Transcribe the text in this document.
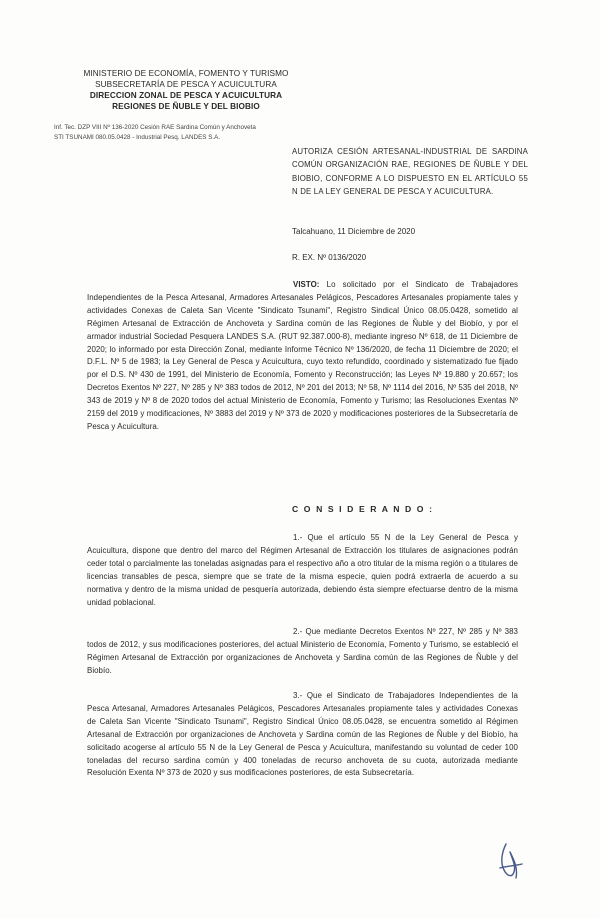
MINISTERIO DE ECONOMÍA, FOMENTO Y TURISMO
SUBSECRETARÍA DE PESCA Y ACUICULTURA
DIRECCION ZONAL DE PESCA Y ACUICULTURA
REGIONES DE ÑUBLE Y DEL BIOBIO
Inf. Tec. DZP VIII Nº 136-2020 Cesión RAE Sardina Común y Anchoveta
STI TSUNAMI 080.05.0428 - Industrial Pesq. LANDES S.A.
AUTORIZA CESIÓN ARTESANAL-INDUSTRIAL DE SARDINA COMÚN ORGANIZACIÓN RAE, REGIONES DE ÑUBLE Y DEL BIOBIO, CONFORME A LO DISPUESTO EN EL ARTÍCULO 55 N DE LA LEY GENERAL DE PESCA Y ACUICULTURA.
Talcahuano, 11 Diciembre de 2020
R. EX. Nº 0136/2020
VISTO: Lo solicitado por el Sindicato de Trabajadores Independientes de la Pesca Artesanal, Armadores Artesanales Pelágicos, Pescadores Artesanales propiamente tales y actividades Conexas de Caleta San Vicente "Sindicato Tsunami", Registro Sindical Único 08.05.0428, sometido al Régimen Artesanal de Extracción de Anchoveta y Sardina común de las Regiones de Ñuble y del Biobío, y por el armador industrial Sociedad Pesquera LANDES S.A. (RUT 92.387.000-8), mediante ingreso Nº 618, de 11 Diciembre de 2020; lo informado por esta Dirección Zonal, mediante Informe Técnico Nº 136/2020, de fecha 11 Diciembre de 2020; el D.F.L. Nº 5 de 1983; la Ley General de Pesca y Acuicultura, cuyo texto refundido, coordinado y sistematizado fue fijado por el D.S. Nº 430 de 1991, del Ministerio de Economía, Fomento y Reconstrucción; las Leyes Nº 19.880 y 20.657; los Decretos Exentos Nº 227, Nº 285 y Nº 383 todos de 2012, Nº 201 del 2013; Nº 58, Nº 1114 del 2016, Nº 535 del 2018, Nº 343 de 2019 y Nº 8 de 2020 todos del actual Ministerio de Economía, Fomento y Turismo; las Resoluciones Exentas Nº 2159 del 2019 y modificaciones, Nº 3883 del 2019 y Nº 373 de 2020 y modificaciones posteriores de la Subsecretaría de Pesca y Acuicultura.
C O N S I D E R A N D O :
1.- Que el artículo 55 N de la Ley General de Pesca y Acuicultura, dispone que dentro del marco del Régimen Artesanal de Extracción los titulares de asignaciones podrán ceder total o parcialmente las toneladas asignadas para el respectivo año a otro titular de la misma región o a titulares de licencias transables de pesca, siempre que se trate de la misma especie, quien podrá extraerla de acuerdo a su normativa y dentro de la misma unidad de pesquería autorizada, debiendo ésta siempre efectuarse dentro de la misma unidad poblacional.
2.- Que mediante Decretos Exentos Nº 227, Nº 285 y Nº 383 todos de 2012, y sus modificaciones posteriores, del actual Ministerio de Economía, Fomento y Turismo, se estableció el Régimen Artesanal de Extracción por organizaciones de Anchoveta y Sardina común de las Regiones de Ñuble y del Biobío.
3.- Que el Sindicato de Trabajadores Independientes de la Pesca Artesanal, Armadores Artesanales Pelágicos, Pescadores Artesanales propiamente tales y actividades Conexas de Caleta San Vicente "Sindicato Tsunami", Registro Sindical Único 08.05.0428, se encuentra sometido al Régimen Artesanal de Extracción por organizaciones de Anchoveta y Sardina común de las Regiones de Ñuble y del Biobío, ha solicitado acogerse al artículo 55 N de la Ley General de Pesca y Acuicultura, manifestando su voluntad de ceder 100 toneladas del recurso sardina común y 400 toneladas de recurso anchoveta de su cuota, autorizada mediante Resolución Exenta Nº 373 de 2020 y sus modificaciones posteriores, de esta Subsecretaría.
